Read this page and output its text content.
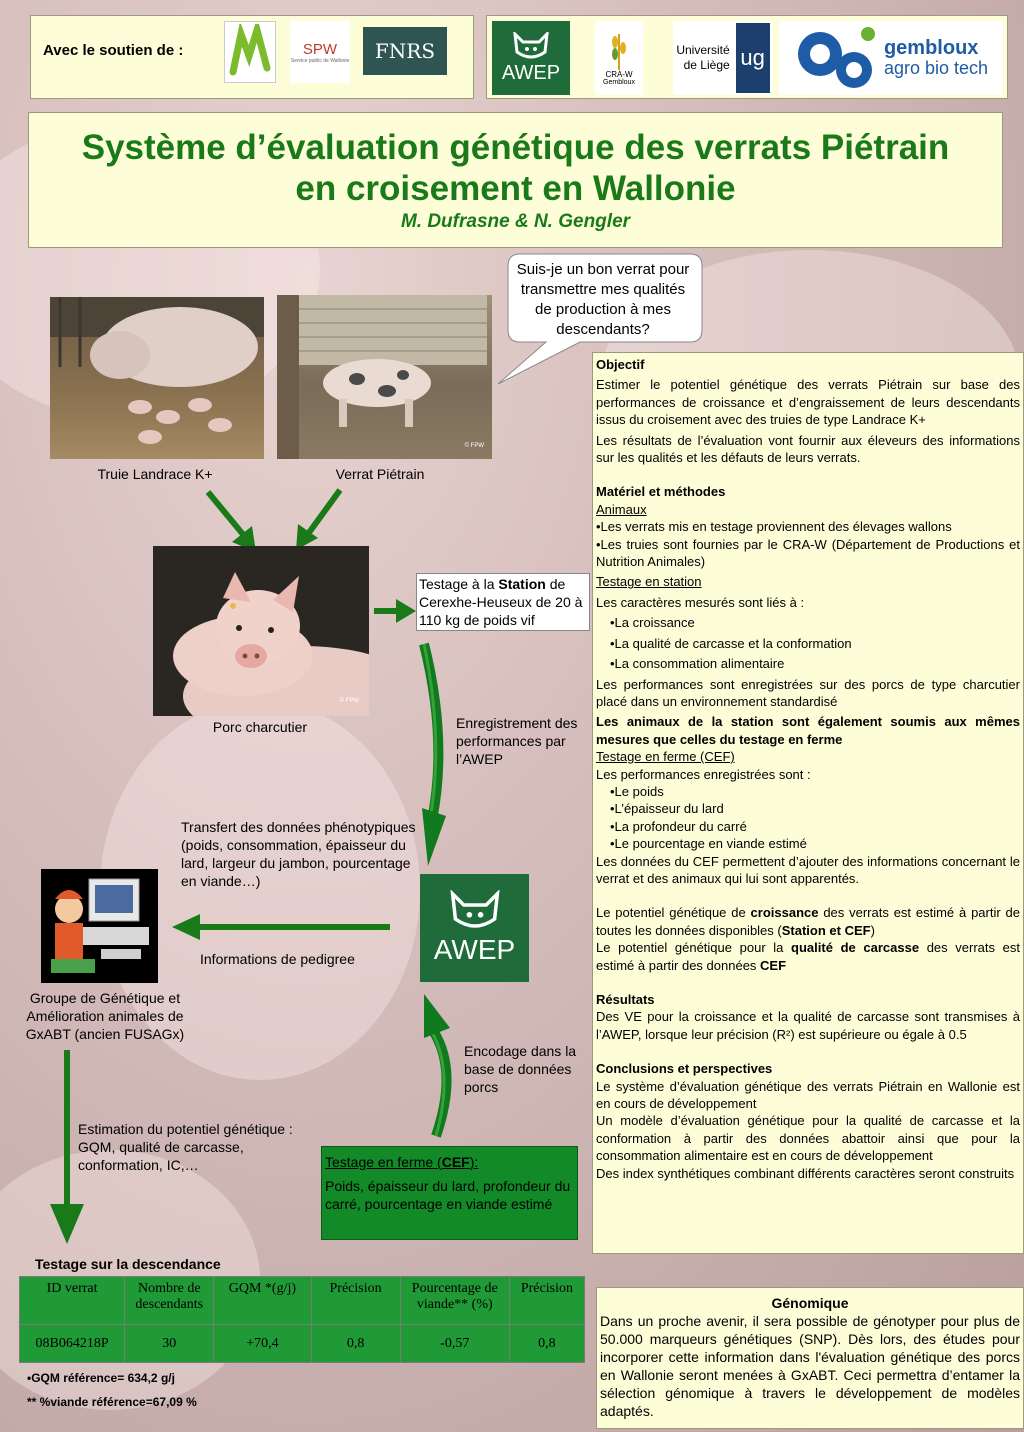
Avec le soutien de :	SPW
Service public de Wallonie FNRS
AWEP	CRA-W
Gembloux
Université
de Liège ug	gembloux
agro bio tech
Système d’évaluation génétique des verrats Piétrain
en croisement en Wallonie
M. Dufrasne & N. Gengler
Suis-je un bon verrat pour transmettre mes qualités de production à mes descendants?
© FPW
Truie Landrace K+	Verrat Piétrain
© FPW
Porc charcutier
Testage à la Station de Cerexhe-Heuseux de 20 à 110 kg de poids vif
Enregistrement des performances par l’AWEP
AWEP
Transfert des données phénotypiques (poids, consommation, épaisseur du lard, largeur du jambon, pourcentage en viande…)
Informations de pedigree
Groupe de Génétique et Amélioration animales de GxABT (ancien FUSAGx)
Encodage dans la base de données porcs
Estimation du potentiel génétique : GQM, qualité de carcasse, conformation, IC,…	Testage en ferme (CEF):
Poids, épaisseur du lard, profondeur du carré, pourcentage en viande estimé
Testage sur la descendance
ID verrat	Nombre de descendants	GQM *(g/j)	Précision	Pourcentage de viande** (%)	Précision
08B064218P	30	+70,4	0,8	-0,57	0,8
•GQM référence= 634,2 g/j
** %viande référence=67,09 %

Objectif

Estimer le potentiel génétique des verrats Piétrain sur base des performances de croissance et d’engraissement de leurs descendants issus du croisement avec des truies de type Landrace K+

Les résultats de l’évaluation vont fournir aux éleveurs des informations sur les qualités et les défauts de leurs verrats.

Matériel et méthodes

Animaux

•Les verrats mis en testage proviennent des élevages wallons

•Les truies sont fournies par le CRA-W (Département de Productions et Nutrition Animales)

Testage en station

Les caractères mesurés sont liés à :

•La croissance

•La qualité de carcasse et la conformation

•La consommation alimentaire

Les performances sont enregistrées sur des porcs de type charcutier placé dans un environnement standardisé

Les animaux de la station sont également soumis aux mêmes mesures que celles du testage en ferme

Testage en ferme (CEF)

Les performances enregistrées sont :

•Le poids

•L’épaisseur du lard

•La profondeur du carré

•Le pourcentage en viande estimé

Les données du CEF permettent d’ajouter des informations concernant le verrat et des animaux qui lui sont apparentés.

Le potentiel génétique de croissance des verrats est estimé à partir de toutes les données disponibles (Station et CEF)

Le potentiel génétique pour la qualité de carcasse des verrats est estimé à partir des données CEF

Résultats

Des VE pour la croissance et la qualité de carcasse sont transmises à l’AWEP, lorsque leur précision (R²) est supérieure ou égale à 0.5

Conclusions et perspectives

Le système d’évaluation génétique des verrats Piétrain en Wallonie est en cours de développement

Un modèle d’évaluation génétique pour la qualité de carcasse et la conformation à partir des données abattoir ainsi que pour la consommation alimentaire est en cours de développement

Des index synthétiques combinant différents caractères seront construits

Génomique
Dans un proche avenir, il sera possible de génotyper pour plus de 50.000 marqueurs génétiques (SNP). Dès lors, des études pour incorporer cette information dans l'évaluation génétique des porcs en Wallonie seront menées à GxABT. Ceci permettra d’entamer la sélection génomique à travers le développement de modèles adaptés.
